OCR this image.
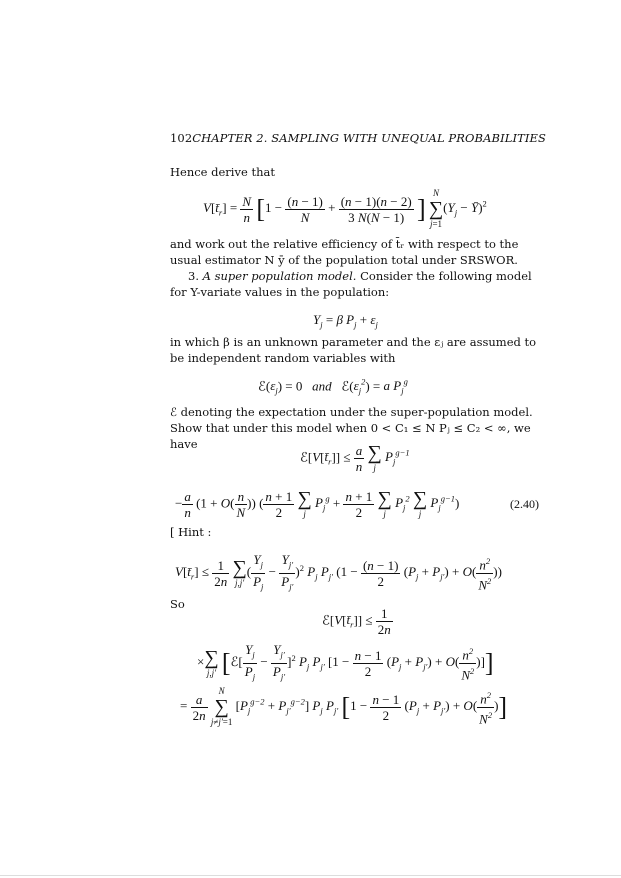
102CHAPTER 2. SAMPLING WITH UNEQUAL PROBABILITIES
Hence derive that
$V[t̄_r] = \frac{N}{n} [1 - \frac{(n - 1)}{N} + \frac{(n - 1)(n - 2)}{3 N(N - 1)}$ ]
N
∑
j=1
($Y_j$ − Ȳ)$^2$
and work out the relative efficiency of t̄ᵣ with respect to the usual estimator N ȳ of the population total under SRSWOR.
3. A super population model. Consider the following model for Y-variate values in the population:
$Y_j = \beta$ $P_j + \varepsilon_j$
in which β is an unknown parameter and the εⱼ are assumed to be independent random variables with
$ℰ(\varepsilon_j) = 0$   and   $ℰ(\varepsilon_j^2) = a$ $P_j^g$
ℰ denoting the expectation under the super-population model.
Show that under this model when 0 < C₁ ≤ N Pⱼ ≤ C₂ < ∞, we have
$ℰ[V[t̄_r]] \le \frac{a}{n}$
∑
j
$P_j^{g-1}$
− $\frac{a}{n} (1 + O( \frac{n}{N}$ )) ( $\frac{n + 1}{2}$
∑
j
$P_j^g + \frac{n + 1}{2}$
∑
j
$P_j^2$ ∑
j
$P_j^{g-1}$)	(2.40)
[ Hint :
$V[t̄_r] \le \frac{1}{2n}$
∑
j,j′
( $\frac{Y_j}{P_j} - \frac{Y_{j'}}{P_{j'}} )^2$ $P_j$ $P_{j'}$ ($1 - \frac{(n - 1)}{2} (P_j + P_{j'}) + O( \frac{n^2}{N^2}$ ))
So
$ℰ[V[t̄_r]] \le \frac{1}{2n}$
× ∑
j,j′ [ℰ[ $\frac{Y_j}{P_j} - \frac{Y_{j'}}{P_{j'}} ]^2$ $P_j$ $P_{j'}$ [$1 - \frac{n - 1}{2} (P_j + P_{j'}) + O( \frac{n^2}{N^2}$ )]]
= $\frac{a}{2n}$

N
∑
j≠j′=1
$[P_j^{g-2} + P_{j'}^{g-2}]$ $P_j$ $P_{j'}$ [$1 - \frac{n - 1}{2} (P_j + P_{j'}) + O( \frac{n^2}{N^2}$ )]
